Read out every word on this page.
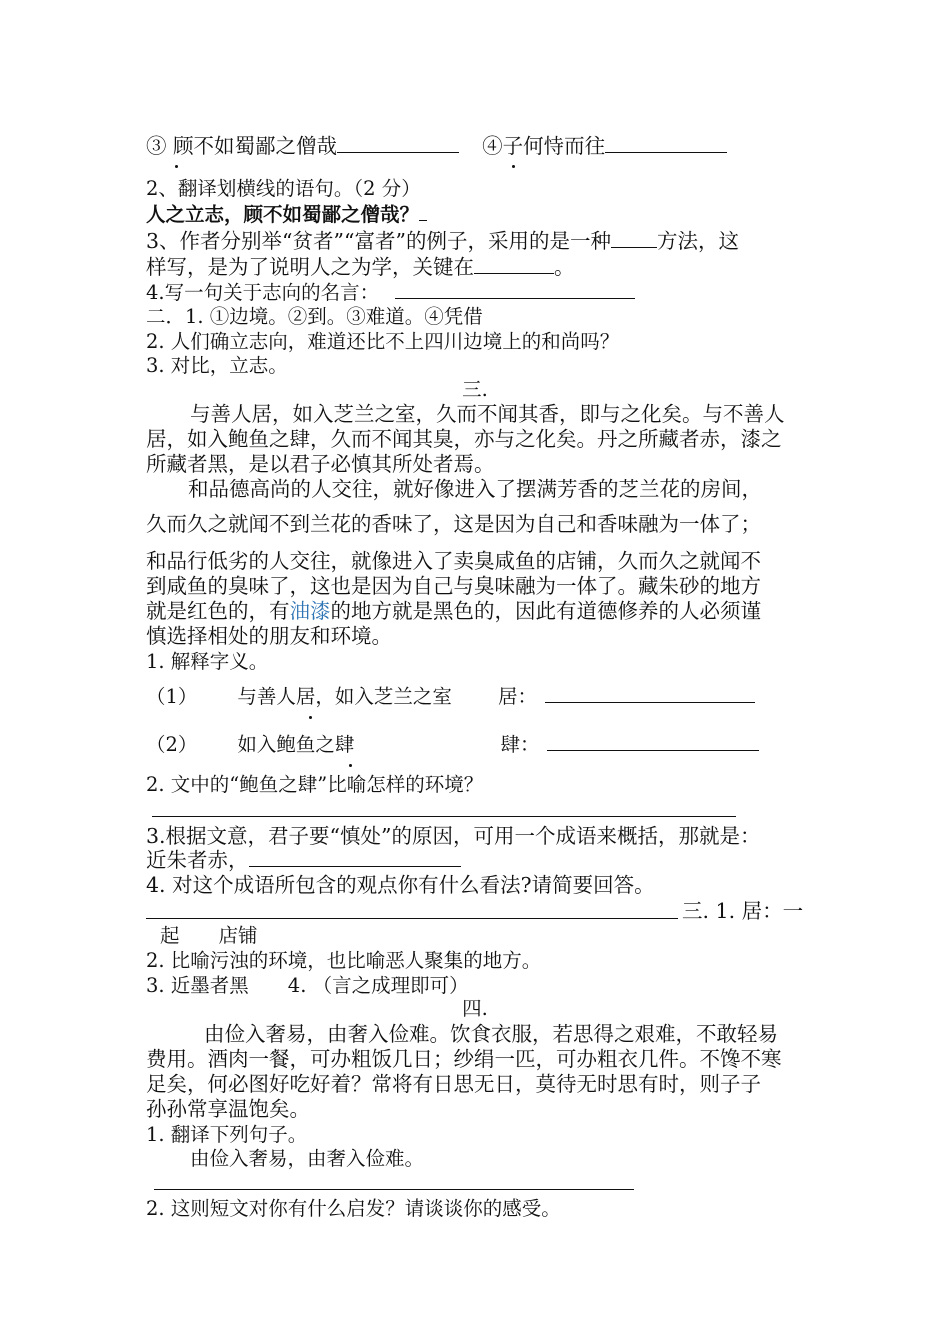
③ 顾不如蜀鄙之僧哉	④子何恃而往
2、翻译划横线的语句。（2 分）
人之立志，顾不如蜀鄙之僧哉？
3、作者分别举“贫者”“富者”的例子，采用的是一种 方法，这
样写，是为了说明人之为学，关键在	。
4.写一句关于志向的名言：
二．1. ①边境。②到。③难道。④凭借
2. 人们确立志向，难道还比不上四川边境上的和尚吗？
3. 对比，立志。
三.
与善人居，如入芝兰之室，久而不闻其香，即与之化矣。与不善人
居，如入鲍鱼之肆，久而不闻其臭，亦与之化矣。丹之所藏者赤，漆之
所藏者黑，是以君子必慎其所处者焉。
和品德高尚的人交往，就好像进入了摆满芳香的芝兰花的房间，
久而久之就闻不到兰花的香味了，这是因为自己和香味融为一体了；
和品行低劣的人交往，就像进入了卖臭咸鱼的店铺，久而久之就闻不
到咸鱼的臭味了，这也是因为自己与臭味融为一体了。藏朱砂的地方
就是红色的，有油漆的地方就是黑色的，因此有道德修养的人必须谨
慎选择相处的朋友和环境。
1. 解释字义。
（1） 与善人居，如入芝兰之室 居：
（2） 如入鲍鱼之肆	肆：
2. 文中的“鲍鱼之肆”比喻怎样的环境？
3.根据文意，君子要“慎处”的原因，可用一个成语来概括，那就是：
近朱者赤，
4. 对这个成语所包含的观点你有什么看法?请简要回答。
三. 1. 居：一
起　　店铺
2. 比喻污浊的环境，也比喻恶人聚集的地方。
3. 近墨者黑　　4. （言之成理即可）
四.
由俭入奢易，由奢入俭难。饮食衣服，若思得之艰难，不敢轻易
费用。酒肉一餐，可办粗饭几日；纱绢一匹，可办粗衣几件。不馋不寒
足矣，何必图好吃好着？常将有日思无日，莫待无时思有时，则子子
孙孙常享温饱矣。
1. 翻译下列句子。
由俭入奢易，由奢入俭难。
2. 这则短文对你有什么启发？请谈谈你的感受。
